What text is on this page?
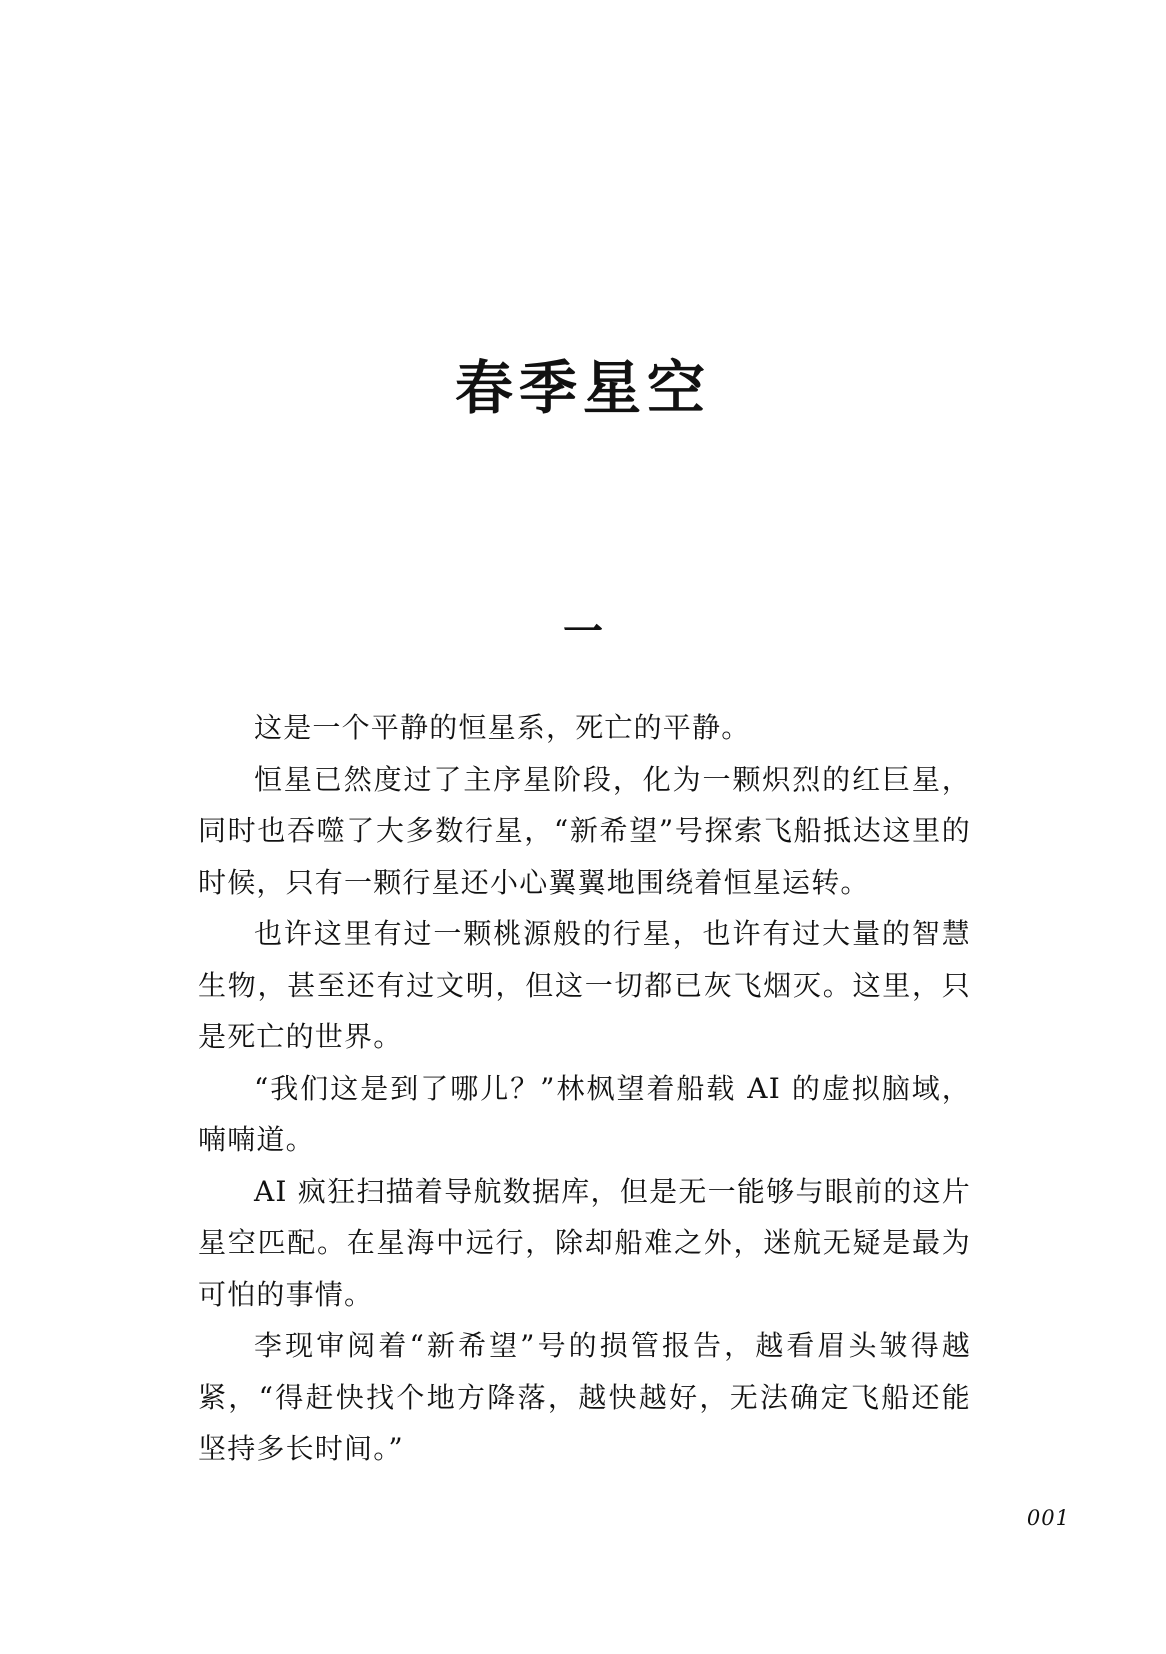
春季星空
一

这是一个平静的恒星系，死亡的平静。

恒星已然度过了主序星阶段，化为一颗炽烈的红巨星，同时也吞噬了大多数行星，“新希望”号探索飞船抵达这里的时候，只有一颗行星还小心翼翼地围绕着恒星运转。

也许这里有过一颗桃源般的行星，也许有过大量的智慧生物，甚至还有过文明，但这一切都已灰飞烟灭。这里，只是死亡的世界。

“我们这是到了哪儿？”林枫望着船载 AI 的虚拟脑域，喃喃道。

AI 疯狂扫描着导航数据库，但是无一能够与眼前的这片星空匹配。在星海中远行，除却船难之外，迷航无疑是最为可怕的事情。

李现审阅着“新希望”号的损管报告，越看眉头皱得越紧，“得赶快找个地方降落，越快越好，无法确定飞船还能坚持多长时间。”

001
